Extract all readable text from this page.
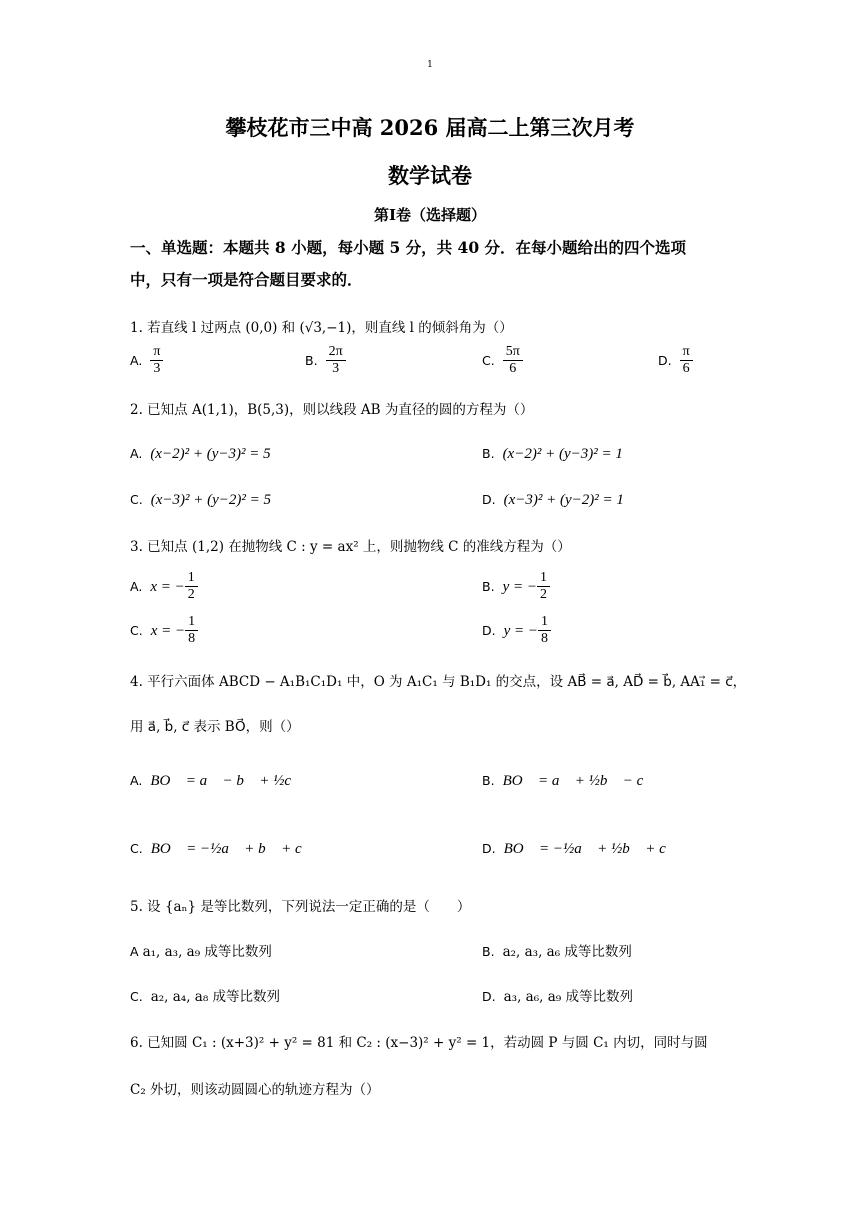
1
攀枝花市三中高 2026 届高二上第三次月考
数学试卷
第Ⅰ卷（选择题）
一、单选题：本题共 8 小题，每小题 5 分，共 40 分．在每小题给出的四个选项
中，只有一项是符合题目要求的．
1. 若直线 l 过两点 (0,0) 和 (√3,−1)，则直线 l 的倾斜角为（）
A. $\frac{\pi}{3}$	B. $\frac{2\pi}{3}$	C. $\frac{5\pi}{6}$	D. $\frac{\pi}{6}$
2. 已知点 A(1,1)，B(5,3)，则以线段 AB 为直径的圆的方程为（）
A. (x−2)² + (y−3)² = 5	B. (x−2)² + (y−3)² = 1
C. (x−3)² + (y−2)² = 5	D. (x−3)² + (y−2)² = 1
3. 已知点 (1,2) 在抛物线 C : y = ax² 上，则抛物线 C 的准线方程为（）
A. x = − $\frac{1}{2}$	B. y = − $\frac{1}{2}$
C. x = − $\frac{1}{8}$	D. y = − $\frac{1}{8}$
4. 平行六面体 ABCD − A₁B₁C₁D₁ 中，O 为 A₁C₁ 与 B₁D₁ 的交点，设 AB⃗ = a⃗, AD⃗ = b⃗, AA₁⃗ = c⃗，
用 a⃗, b⃗, c⃗ 表示 BO⃗，则（）
A. BO⃗ = a⃗ − b⃗ + ½c⃗	B. BO⃗ = a⃗ + ½b⃗ − c⃗
C. BO⃗ = −½a⃗ + b⃗ + c⃗	D. BO⃗ = −½a⃗ + ½b⃗ + c⃗
5. 设 {aₙ} 是等比数列，下列说法一定正确的是（　　）
A a₁, a₃, a₉ 成等比数列	B. a₂, a₃, a₆ 成等比数列
C. a₂, a₄, a₈ 成等比数列	D. a₃, a₆, a₉ 成等比数列
6. 已知圆 C₁ : (x+3)² + y² = 81 和 C₂ : (x−3)² + y² = 1，若动圆 P 与圆 C₁ 内切，同时与圆
C₂ 外切，则该动圆圆心的轨迹方程为（）
